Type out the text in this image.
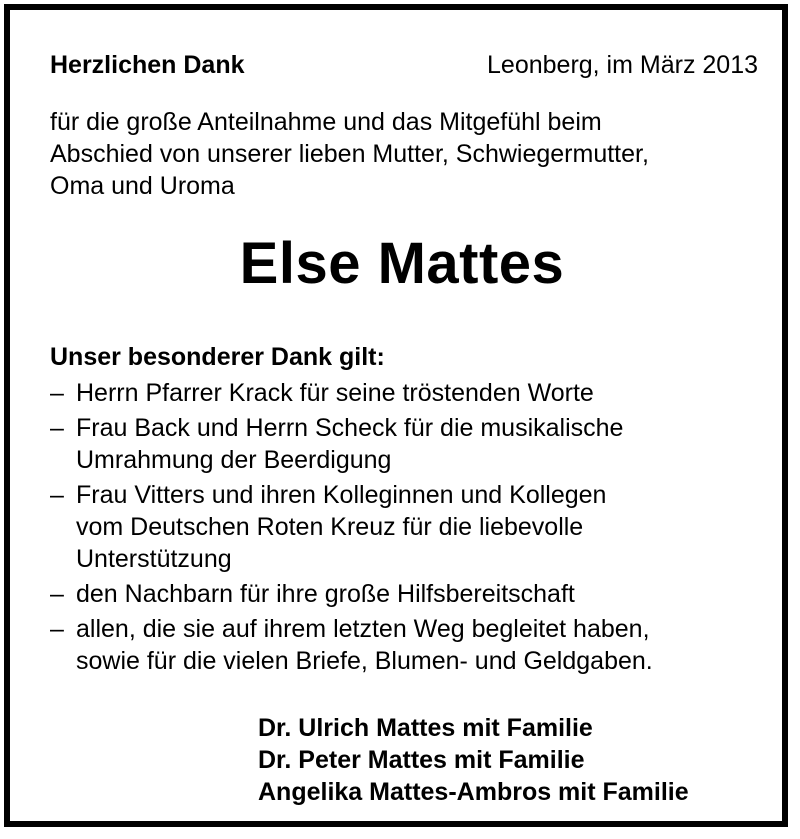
Herzlichen Dank	Leonberg, im März 2013
für die große Anteilnahme und das Mitgefühl beim
Abschied von unserer lieben Mutter, Schwiegermutter,
Oma und Uroma
Else Mattes
Unser besonderer Dank gilt:
– Herrn Pfarrer Krack für seine tröstenden Worte
– Frau Back und Herrn Scheck für die musikalische
Umrahmung der Beerdigung
– Frau Vitters und ihren Kolleginnen und Kollegen
vom Deutschen Roten Kreuz für die liebevolle
Unterstützung
– den Nachbarn für ihre große Hilfsbereitschaft
– allen, die sie auf ihrem letzten Weg begleitet haben,
sowie für die vielen Briefe, Blumen- und Geldgaben.
Dr. Ulrich Mattes mit Familie
Dr. Peter Mattes mit Familie
Angelika Mattes-Ambros mit Familie
